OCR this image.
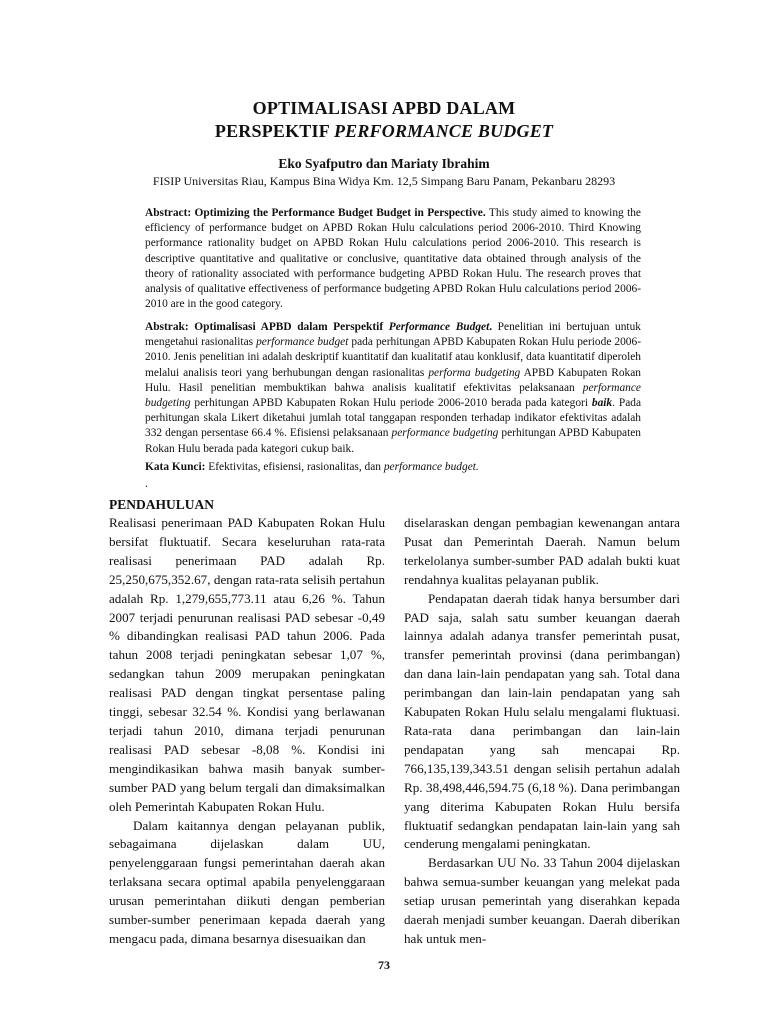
OPTIMALISASI APBD DALAM
PERSPEKTIF PERFORMANCE BUDGET
Eko Syafputro dan Mariaty Ibrahim
FISIP Universitas Riau, Kampus Bina Widya Km. 12,5 Simpang Baru Panam, Pekanbaru 28293
Abstract: Optimizing the Performance Budget Budget in Perspective. This study aimed to knowing the efficiency of performance budget on APBD Rokan Hulu calculations period 2006-2010. Third Knowing performance rationality budget on APBD Rokan Hulu calculations period 2006-2010. This research is descriptive quantitative and qualitative or conclusive, quantitative data obtained through analysis of the theory of rationality associated with performance budgeting APBD Rokan Hulu. The research proves that analysis of qualitative effectiveness of performance budgeting APBD Rokan Hulu calculations period 2006-2010 are in the good category.
Abstrak: Optimalisasi APBD dalam Perspektif Performance Budget. Penelitian ini bertujuan untuk mengetahui rasionalitas performance budget pada perhitungan APBD Kabupaten Rokan Hulu periode 2006-2010. Jenis penelitian ini adalah deskriptif kuantitatif dan kualitatif atau konklusif, data kuantitatif diperoleh melalui analisis teori yang berhubungan dengan rasionalitas performa budgeting APBD Kabupaten Rokan Hulu. Hasil penelitian membuktikan bahwa analisis kualitatif efektivitas pelaksanaan performance budgeting perhitungan APBD Kabupaten Rokan Hulu periode 2006-2010 berada pada kategori baik. Pada perhitungan skala Likert diketahui jumlah total tanggapan responden terhadap indikator efektivitas adalah 332 dengan persentase 66.4 %. Efisiensi pelaksanaan performance budgeting perhitungan APBD Kabupaten Rokan Hulu berada pada kategori cukup baik.
Kata Kunci: Efektivitas, efisiensi, rasionalitas, dan performance budget.
.
PENDAHULUAN

Realisasi penerimaan PAD Kabupaten Rokan Hulu bersifat fluktuatif. Secara keseluruhan rata-rata realisasi penerimaan PAD adalah Rp. 25,250,675,352.67, dengan rata-rata selisih pertahun adalah Rp. 1,279,655,773.11 atau 6,26 %. Tahun 2007 terjadi penurunan realisasi PAD sebesar -0,49 % dibandingkan realisasi PAD tahun 2006. Pada tahun 2008 terjadi peningkatan sebesar 1,07 %, sedangkan tahun 2009 merupakan peningkatan realisasi PAD dengan tingkat persentase paling tinggi, sebesar 32.54 %. Kondisi yang berlawanan terjadi tahun 2010, dimana terjadi penurunan realisasi PAD sebesar -8,08 %. Kondisi ini mengindikasikan bahwa masih banyak sumber-sumber PAD yang belum tergali dan dimaksimalkan oleh Pemerintah Kabupaten Rokan Hulu.

Dalam kaitannya dengan pelayanan publik, sebagaimana dijelaskan dalam UU, penyelenggaraan fungsi pemerintahan daerah akan terlaksana secara optimal apabila penyelenggaraan urusan pemerintahan diikuti dengan pemberian sumber-sumber penerimaan kepada daerah yang mengacu pada, dimana besarnya disesuaikan dan

diselaraskan dengan pembagian kewenangan antara Pusat dan Pemerintah Daerah. Namun belum terkelolanya sumber-sumber PAD adalah bukti kuat rendahnya kualitas pelayanan publik.

Pendapatan daerah tidak hanya bersumber dari PAD saja, salah satu sumber keuangan daerah lainnya adalah adanya transfer pemerintah pusat, transfer pemerintah provinsi (dana perimbangan) dan dana lain-lain pendapatan yang sah. Total dana perimbangan dan lain-lain pendapatan yang sah Kabupaten Rokan Hulu selalu mengalami fluktuasi. Rata-rata dana perimbangan dan lain-lain pendapatan yang sah mencapai Rp. 766,135,139,343.51 dengan selisih pertahun adalah Rp. 38,498,446,594.75 (6,18 %). Dana perimbangan yang diterima Kabupaten Rokan Hulu bersifa fluktuatif sedangkan pendapatan lain-lain yang sah cenderung mengalami peningkatan.

Berdasarkan UU No. 33 Tahun 2004 dijelaskan bahwa semua-sumber keuangan yang melekat pada setiap urusan pemerintah yang diserahkan kepada daerah menjadi sumber keuangan. Daerah diberikan hak untuk men-

73
